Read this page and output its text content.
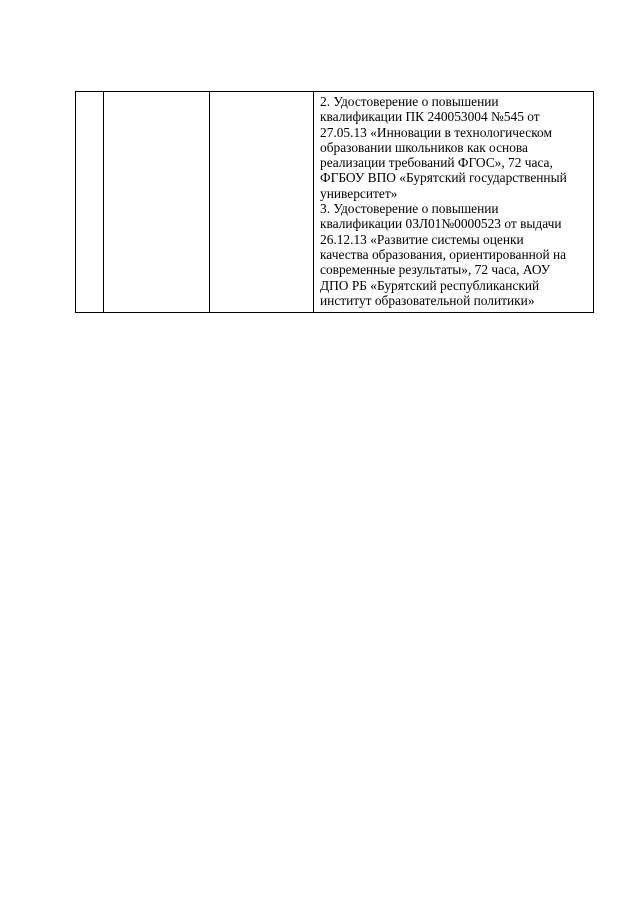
2. Удостоверение о повышении
квалификации ПК 240053004 №545 от
27.05.13 «Инновации в технологическом
образовании школьников как основа
реализации требований ФГОС», 72 часа,
ФГБОУ ВПО «Бурятский государственный
университет»
3. Удостоверение о повышении
квалификации 03Л01№0000523 от выдачи
26.12.13 «Развитие системы оценки
качества образования, ориентированной на
современные результаты», 72 часа, АОУ
ДПО РБ «Бурятский республиканский
институт образовательной политики»
